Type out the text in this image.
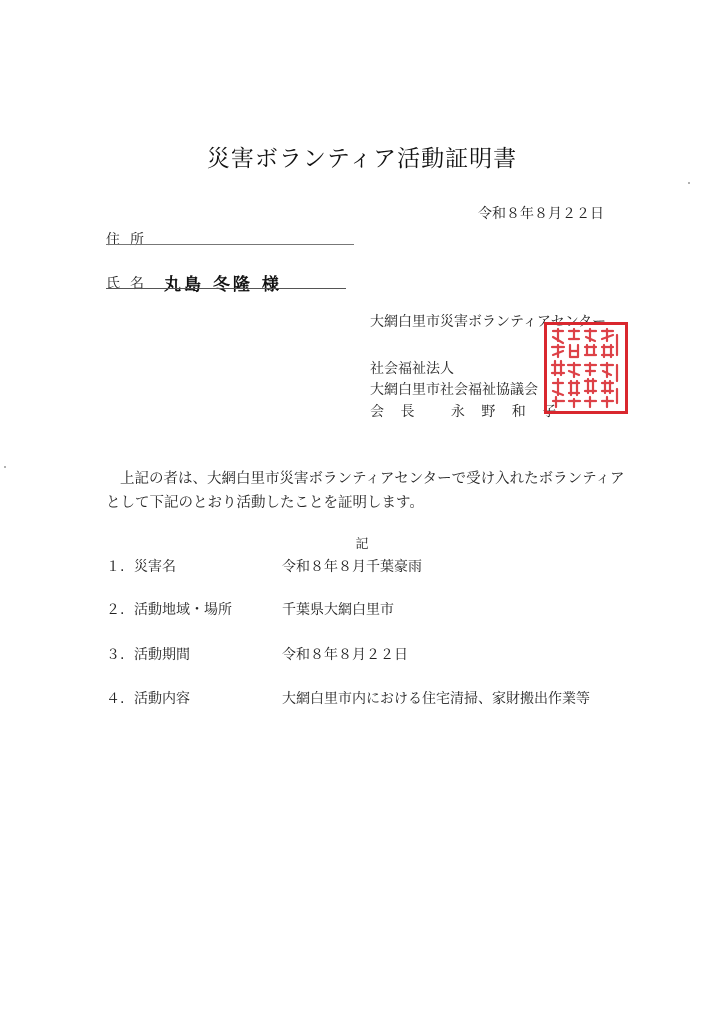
災害ボランティア活動証明書
令和８年８月２２日
住所
氏名 丸島 冬隆 様
大網白里市災害ボランティアセンター
社会福祉法人
大網白里市社会福祉協議会
会 長　 永 野 和 子

上記の者は、大網白里市災害ボランティアセンターで受け入れたボランティアとして下記のとおり活動したことを証明します。

記
１. 災害名	令和８年８月千葉豪雨
２. 活動地域・場所	千葉県大網白里市
３. 活動期間	令和８年８月２２日
４. 活動内容	大網白里市内における住宅清掃、家財搬出作業等
